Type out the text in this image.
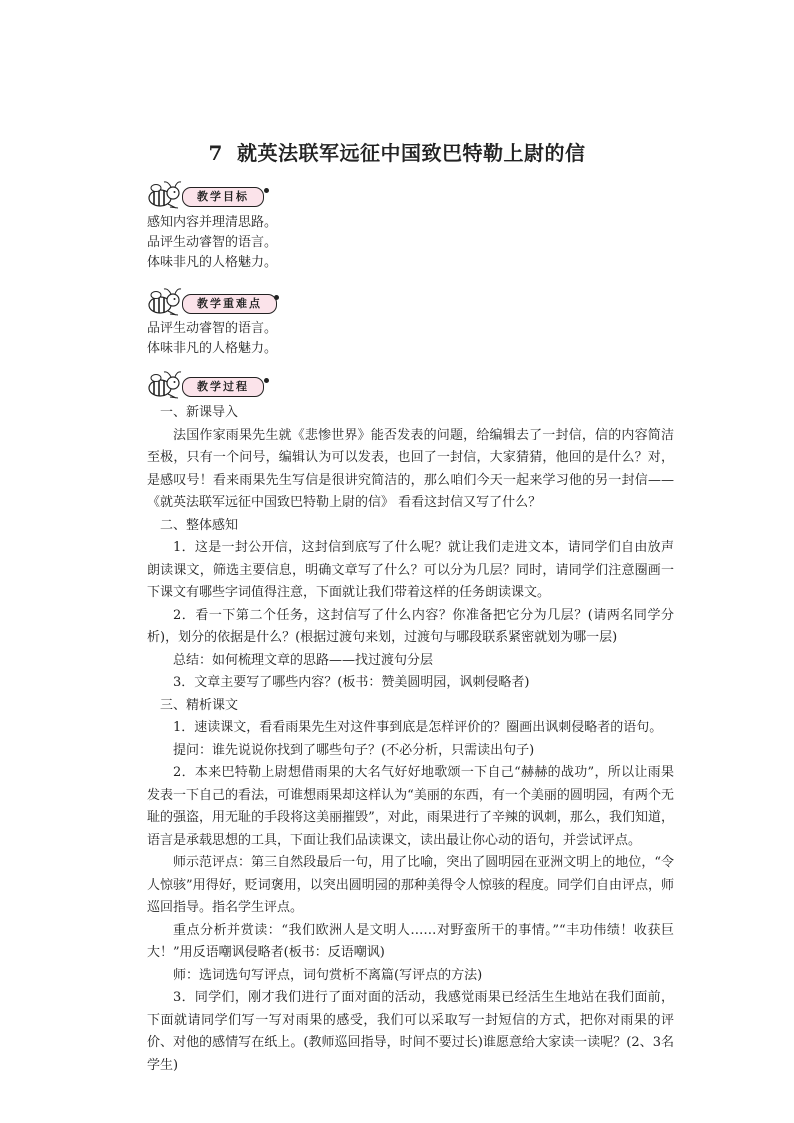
7 就英法联军远征中国致巴特勒上尉的信
教学目标
感知内容并理清思路。
品评生动睿智的语言。
体味非凡的人格魅力。
教学重难点
品评生动睿智的语言。
体味非凡的人格魅力。
教学过程

一、新课导入

法国作家雨果先生就《悲惨世界》能否发表的问题，给编辑去了一封信，信的内容简洁至极，只有一个问号，编辑认为可以发表，也回了一封信，大家猜猜，他回的是什么？对，是感叹号！看来雨果先生写信是很讲究简洁的，那么咱们今天一起来学习他的另一封信——《就英法联军远征中国致巴特勒上尉的信》 看看这封信又写了什么？

二、整体感知

1．这是一封公开信，这封信到底写了什么呢？就让我们走进文本，请同学们自由放声朗读课文，筛选主要信息，明确文章写了什么？可以分为几层？同时，请同学们注意圈画一下课文有哪些字词值得注意，下面就让我们带着这样的任务朗读课文。

2．看一下第二个任务，这封信写了什么内容？你准备把它分为几层？(请两名同学分析)，划分的依据是什么？(根据过渡句来划，过渡句与哪段联系紧密就划为哪一层)

总结：如何梳理文章的思路——找过渡句分层

3．文章主要写了哪些内容？(板书：赞美圆明园，讽刺侵略者)

三、精析课文

1．速读课文，看看雨果先生对这件事到底是怎样评价的？圈画出讽刺侵略者的语句。

提问：谁先说说你找到了哪些句子？(不必分析，只需读出句子)

2．本来巴特勒上尉想借雨果的大名气好好地歌颂一下自己“赫赫的战功”，所以让雨果发表一下自己的看法，可谁想雨果却这样认为“美丽的东西，有一个美丽的圆明园，有两个无耻的强盗，用无耻的手段将这美丽摧毁”，对此，雨果进行了辛辣的讽刺，那么，我们知道，语言是承载思想的工具，下面让我们品读课文，读出最让你心动的语句，并尝试评点。

师示范评点：第三自然段最后一句，用了比喻，突出了圆明园在亚洲文明上的地位，“令人惊骇”用得好，贬词褒用，以突出圆明园的那种美得令人惊骇的程度。同学们自由评点，师巡回指导。指名学生评点。

重点分析并赏读：“我们欧洲人是文明人……对野蛮所干的事情。”“丰功伟绩！收获巨大！”用反语嘲讽侵略者(板书：反语嘲讽)

师：选词选句写评点，词句赏析不离篇(写评点的方法)

3．同学们，刚才我们进行了面对面的活动，我感觉雨果已经活生生地站在我们面前，下面就请同学们写一写对雨果的感受，我们可以采取写一封短信的方式，把你对雨果的评价、对他的感情写在纸上。(教师巡回指导，时间不要过长)谁愿意给大家读一读呢？(2、3名学生)
